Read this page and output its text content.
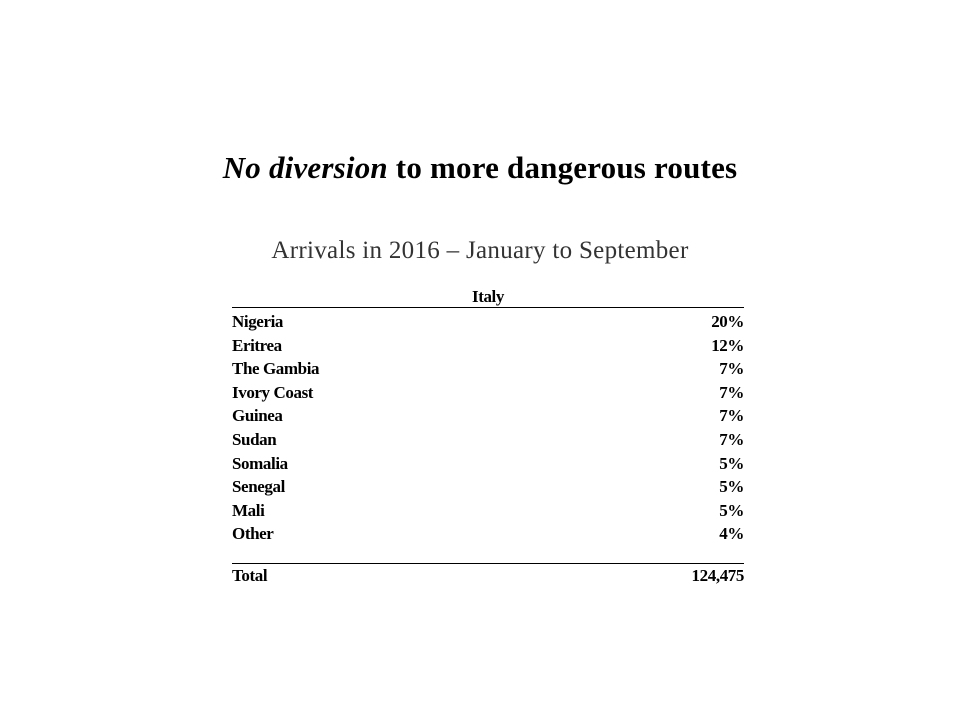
No diversion to more dangerous routes
Arrivals in 2016 – January to September
Italy
Nigeria	20%
Eritrea	12%
The Gambia	7%
Ivory Coast	7%
Guinea	7%
Sudan	7%
Somalia	5%
Senegal	5%
Mali	5%
Other	4%
Total	124,475
